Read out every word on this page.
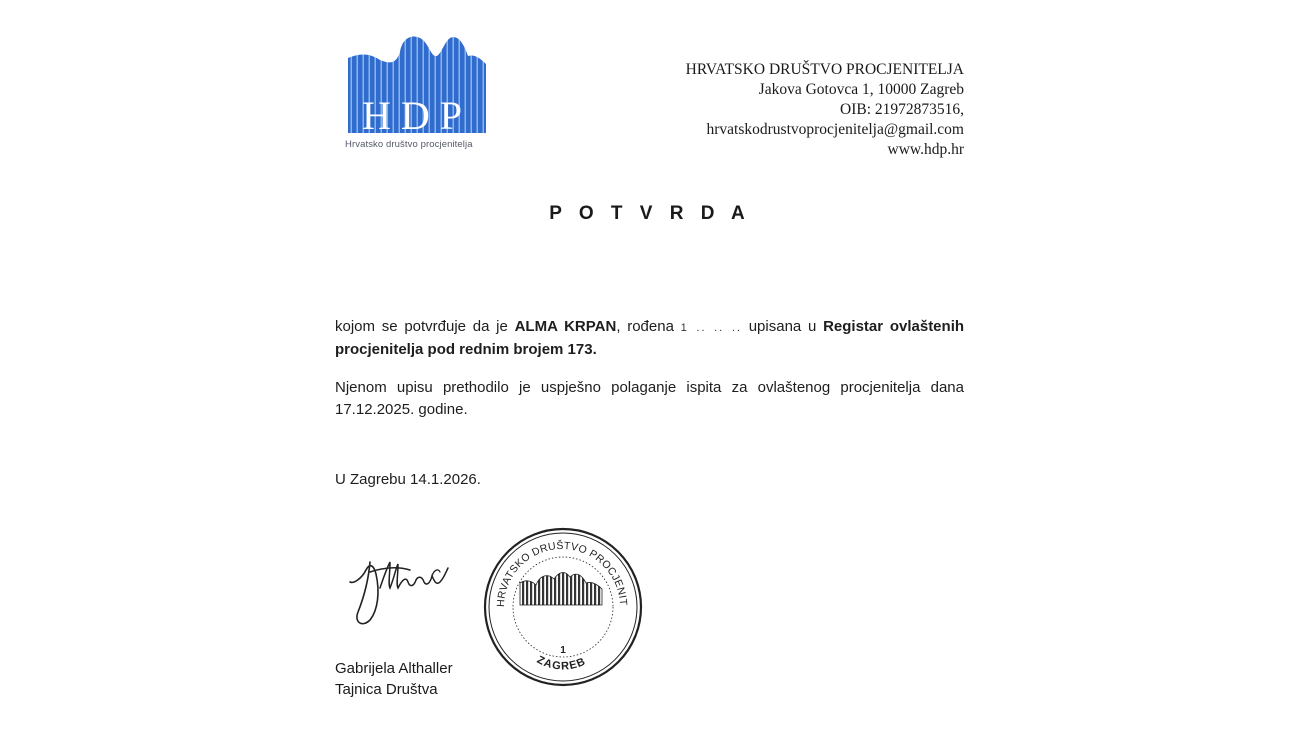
HDP
Hrvatsko društvo procjenitelja
HRVATSKO DRUŠTVO PROCJENITELJA
Jakova Gotovca 1, 10000 Zagreb
OIB: 21972873516,
hrvatskodrustvoprocjenitelja@gmail.com
www.hdp.hr
P O T V R D A
kojom se potvrđuje da je ALMA KRPAN, rođena 1 .. .. .. upisana u Registar ovlaštenih procjenitelja pod rednim brojem 173.
Njenom upisu prethodilo je uspješno polaganje ispita za ovlaštenog procjenitelja dana 17.12.2025. godine.
U Zagrebu 14.1.2026.
Gabrijela Althaller
Tajnica Društva
HRVATSKO DRUŠTVO PROCJENIT
1
ZAGREB
